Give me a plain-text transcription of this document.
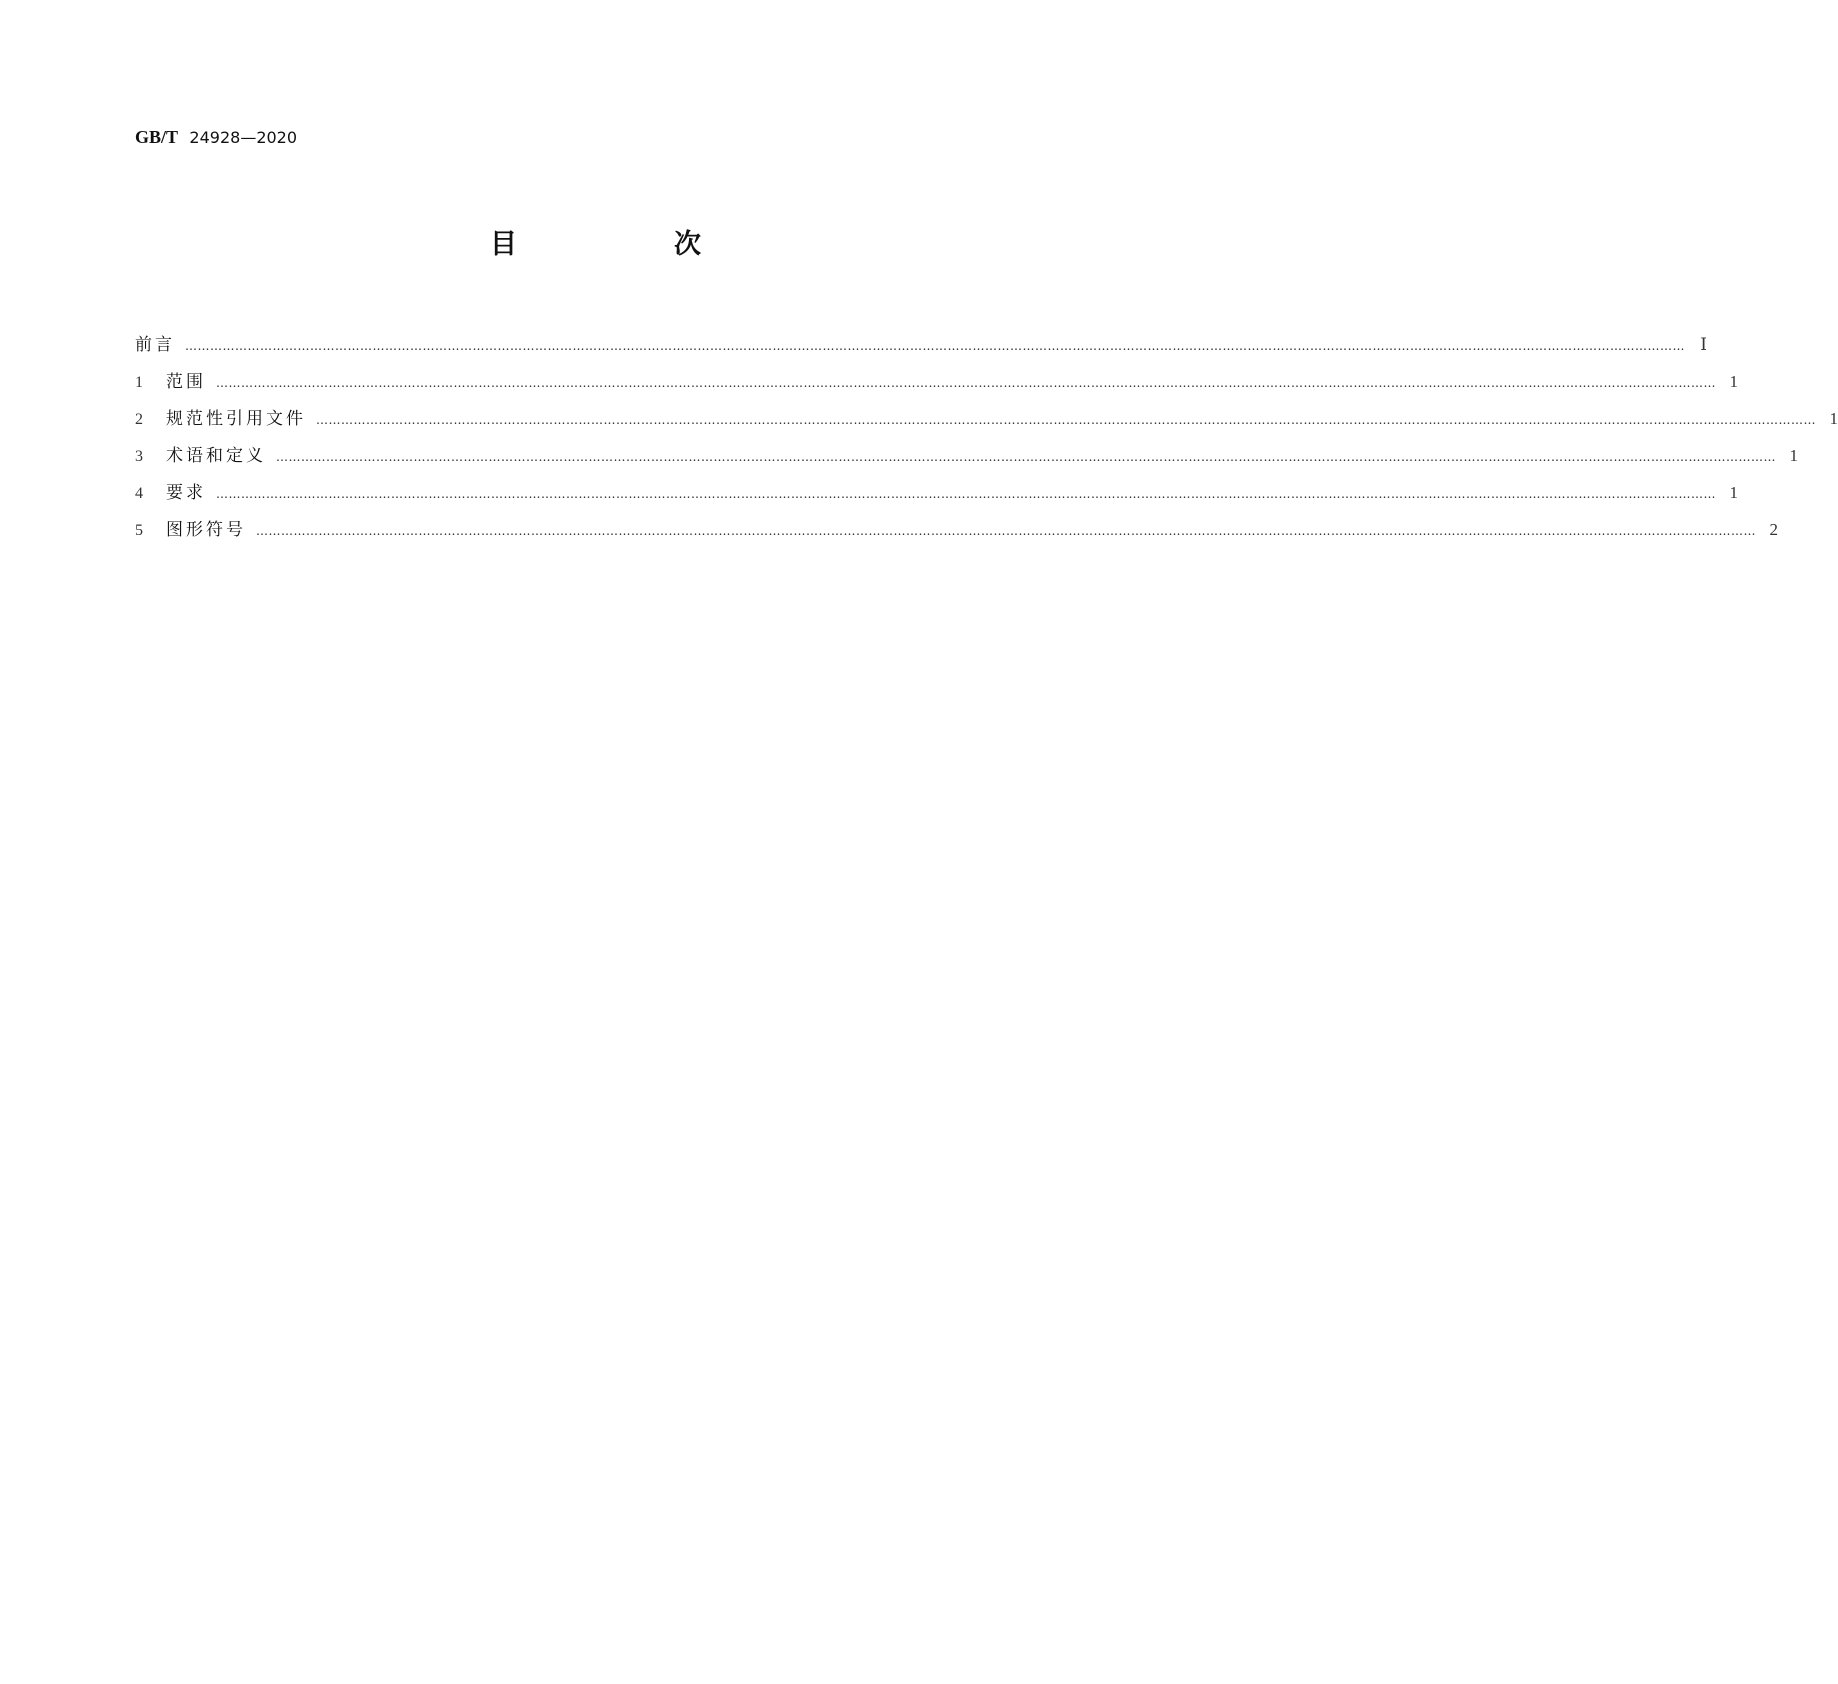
GB/T 24928—2020
目　次
前言 ……………………………………………………………………………………………………………………………………………………………………………………………………………………………………………………………………………………………………………………………… Ⅰ
1	范围 ……………………………………………………………………………………………………………………………………………………………………………………………………………………………………………………………………………………………………………………………… 1
2	规范性引用文件 ……………………………………………………………………………………………………………………………………………………………………………………………………………………………………………………………………………………………………………………………… 1
3	术语和定义 ……………………………………………………………………………………………………………………………………………………………………………………………………………………………………………………………………………………………………………………………… 1
4	要求 ……………………………………………………………………………………………………………………………………………………………………………………………………………………………………………………………………………………………………………………………… 1
5	图形符号 ……………………………………………………………………………………………………………………………………………………………………………………………………………………………………………………………………………………………………………………………… 2
